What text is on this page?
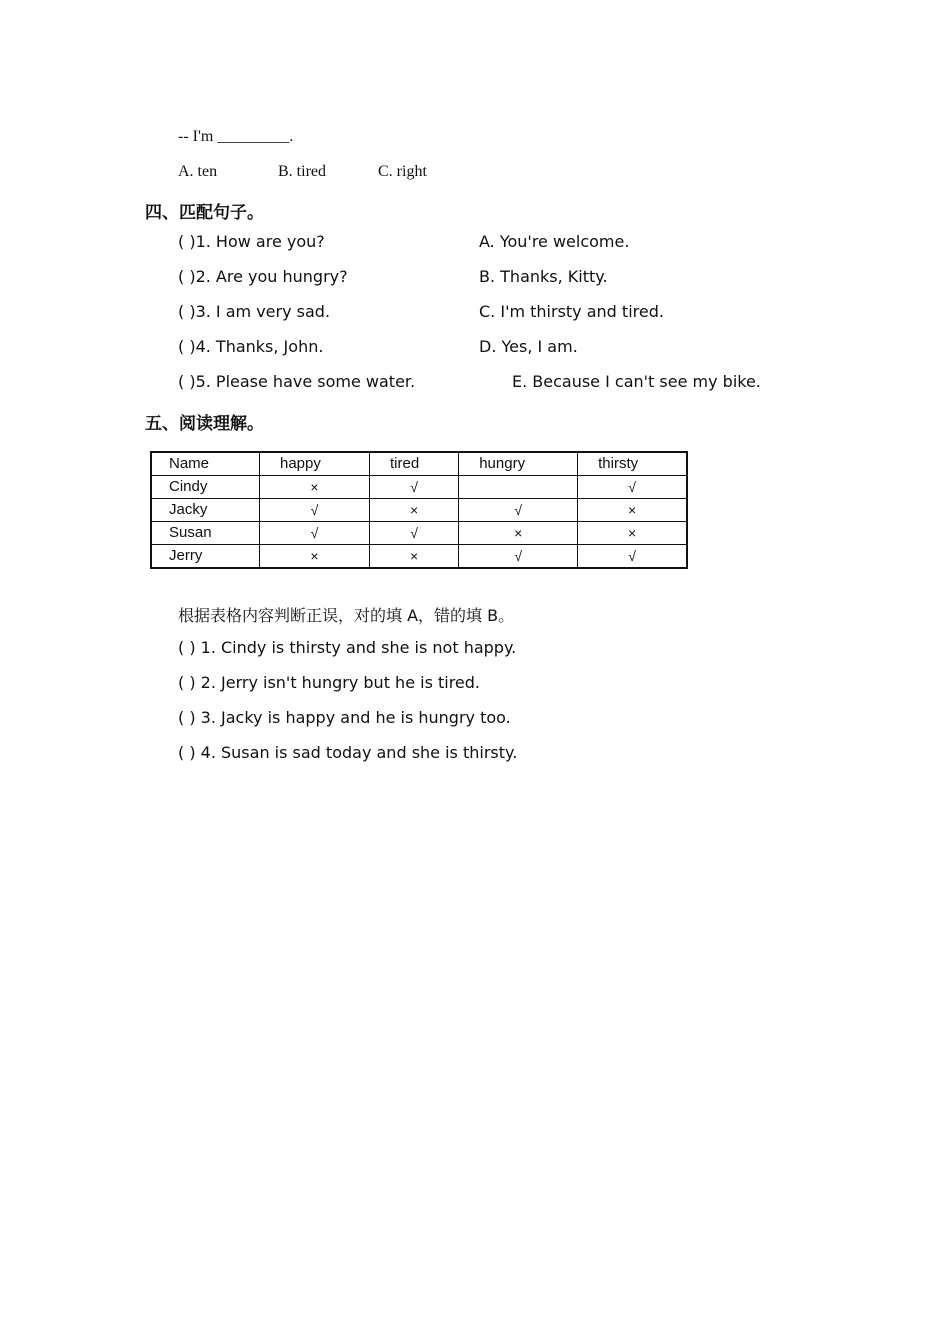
-- I'm _________.
A. ten	B. tired	C. right
四、匹配句子。
( )1. How are you?	A. You're welcome.
( )2. Are you hungry?	B. Thanks, Kitty.
( )3. I am very sad.	C. I'm thirsty and tired.
( )4. Thanks, John.	D. Yes, I am.
( )5. Please have some water.	E. Because I can't see my bike.
五、阅读理解。
Name	happy	tired	hungry	thirsty
Cindy	×	√		√
Jacky	√	×	√	×
Susan	√	√	×	×
Jerry	×	×	√	√
根据表格内容判断正误，对的填 A，错的填 B。
( ) 1. Cindy is thirsty and she is not happy.
( ) 2. Jerry isn't hungry but he is tired.
( ) 3. Jacky is happy and he is hungry too.
( ) 4. Susan is sad today and she is thirsty.
